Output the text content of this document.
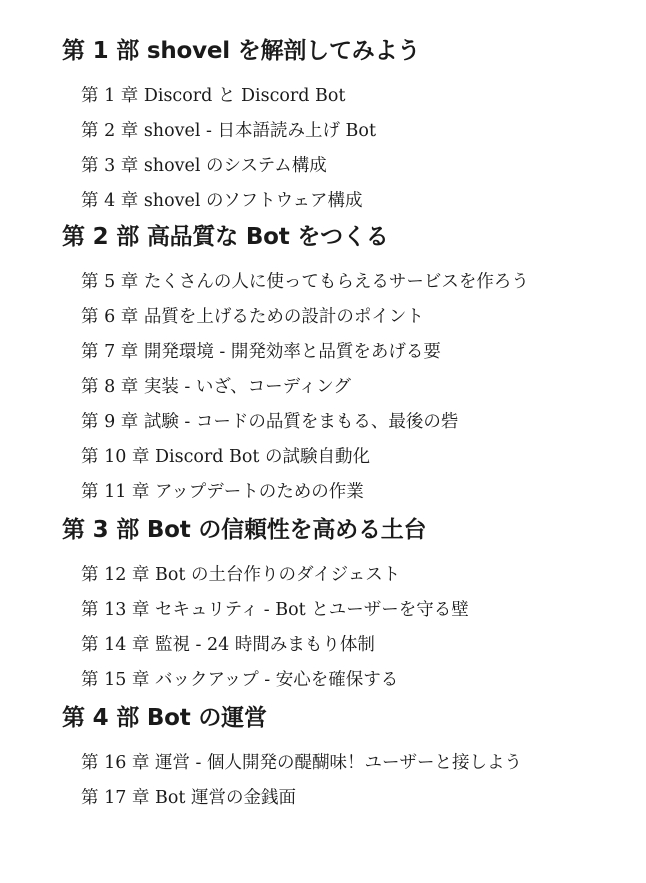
第 1 部 shovel を解剖してみよう
第 1 章 Discord と Discord Bot
第 2 章 shovel - 日本語読み上げ Bot
第 3 章 shovel のシステム構成
第 4 章 shovel のソフトウェア構成
第 2 部 高品質な Bot をつくる
第 5 章 たくさんの人に使ってもらえるサービスを作ろう
第 6 章 品質を上げるための設計のポイント
第 7 章 開発環境 - 開発効率と品質をあげる要
第 8 章 実装 - いざ、コーディング
第 9 章 試験 - コードの品質をまもる、最後の砦
第 10 章 Discord Bot の試験自動化
第 11 章 アップデートのための作業
第 3 部 Bot の信頼性を高める土台
第 12 章 Bot の土台作りのダイジェスト
第 13 章 セキュリティ - Bot とユーザーを守る壁
第 14 章 監視 - 24 時間みまもり体制
第 15 章 バックアップ - 安心を確保する
第 4 部 Bot の運営
第 16 章 運営 - 個人開発の醍醐味！ユーザーと接しよう
第 17 章 Bot 運営の金銭面
